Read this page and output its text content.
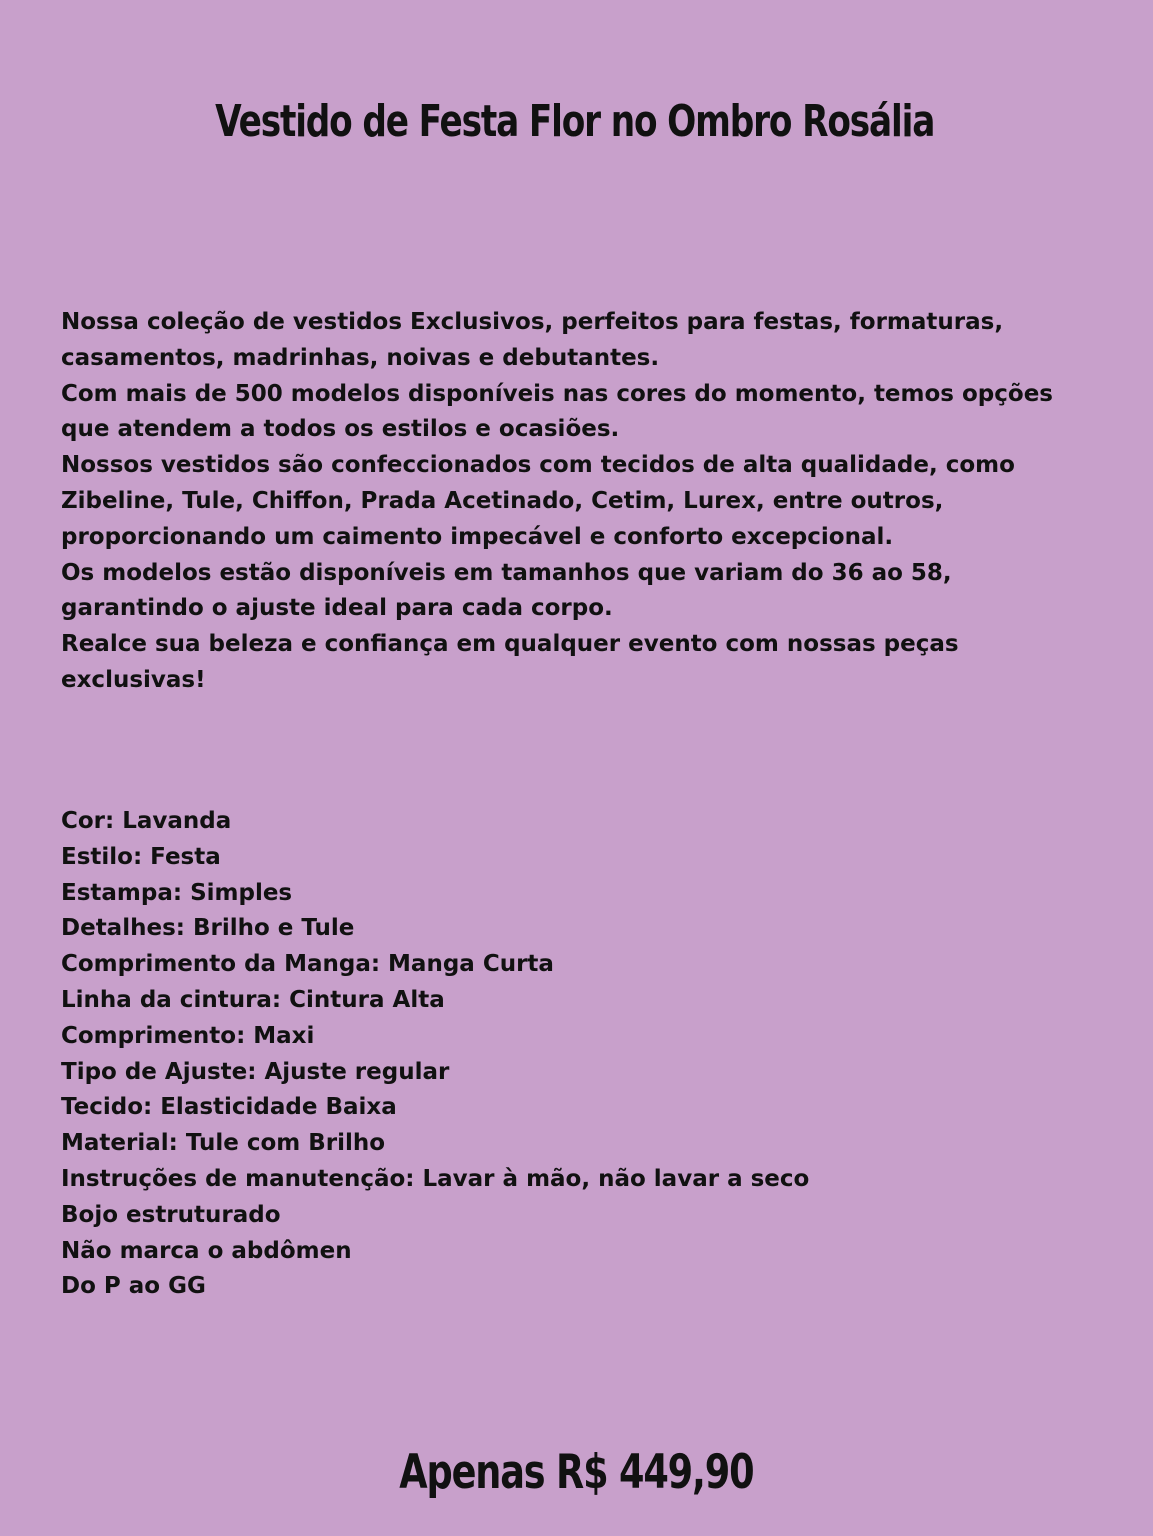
Vestido de Festa Flor no Ombro Rosália

Nossa coleção de vestidos Exclusivos, perfeitos para festas, formaturas, casamentos, madrinhas, noivas e debutantes.

Com mais de 500 modelos disponíveis nas cores do momento, temos opções que atendem a todos os estilos e ocasiões.

Nossos vestidos são confeccionados com tecidos de alta qualidade, como Zibeline, Tule, Chiffon, Prada Acetinado, Cetim, Lurex, entre outros, proporcionando um caimento impecável e conforto excepcional.

Os modelos estão disponíveis em tamanhos que variam do 36 ao 58, garantindo o ajuste ideal para cada corpo.

Realce sua beleza e confiança em qualquer evento com nossas peças exclusivas!

Cor: Lavanda
Estilo: Festa
Estampa: Simples
Detalhes: Brilho e Tule
Comprimento da Manga: Manga Curta
Linha da cintura: Cintura Alta
Comprimento: Maxi
Tipo de Ajuste: Ajuste regular
Tecido: Elasticidade Baixa
Material: Tule com Brilho
Instruções de manutenção: Lavar à mão, não lavar a seco
Bojo estruturado
Não marca o abdômen
Do P ao GG
Apenas R$ 449,90
